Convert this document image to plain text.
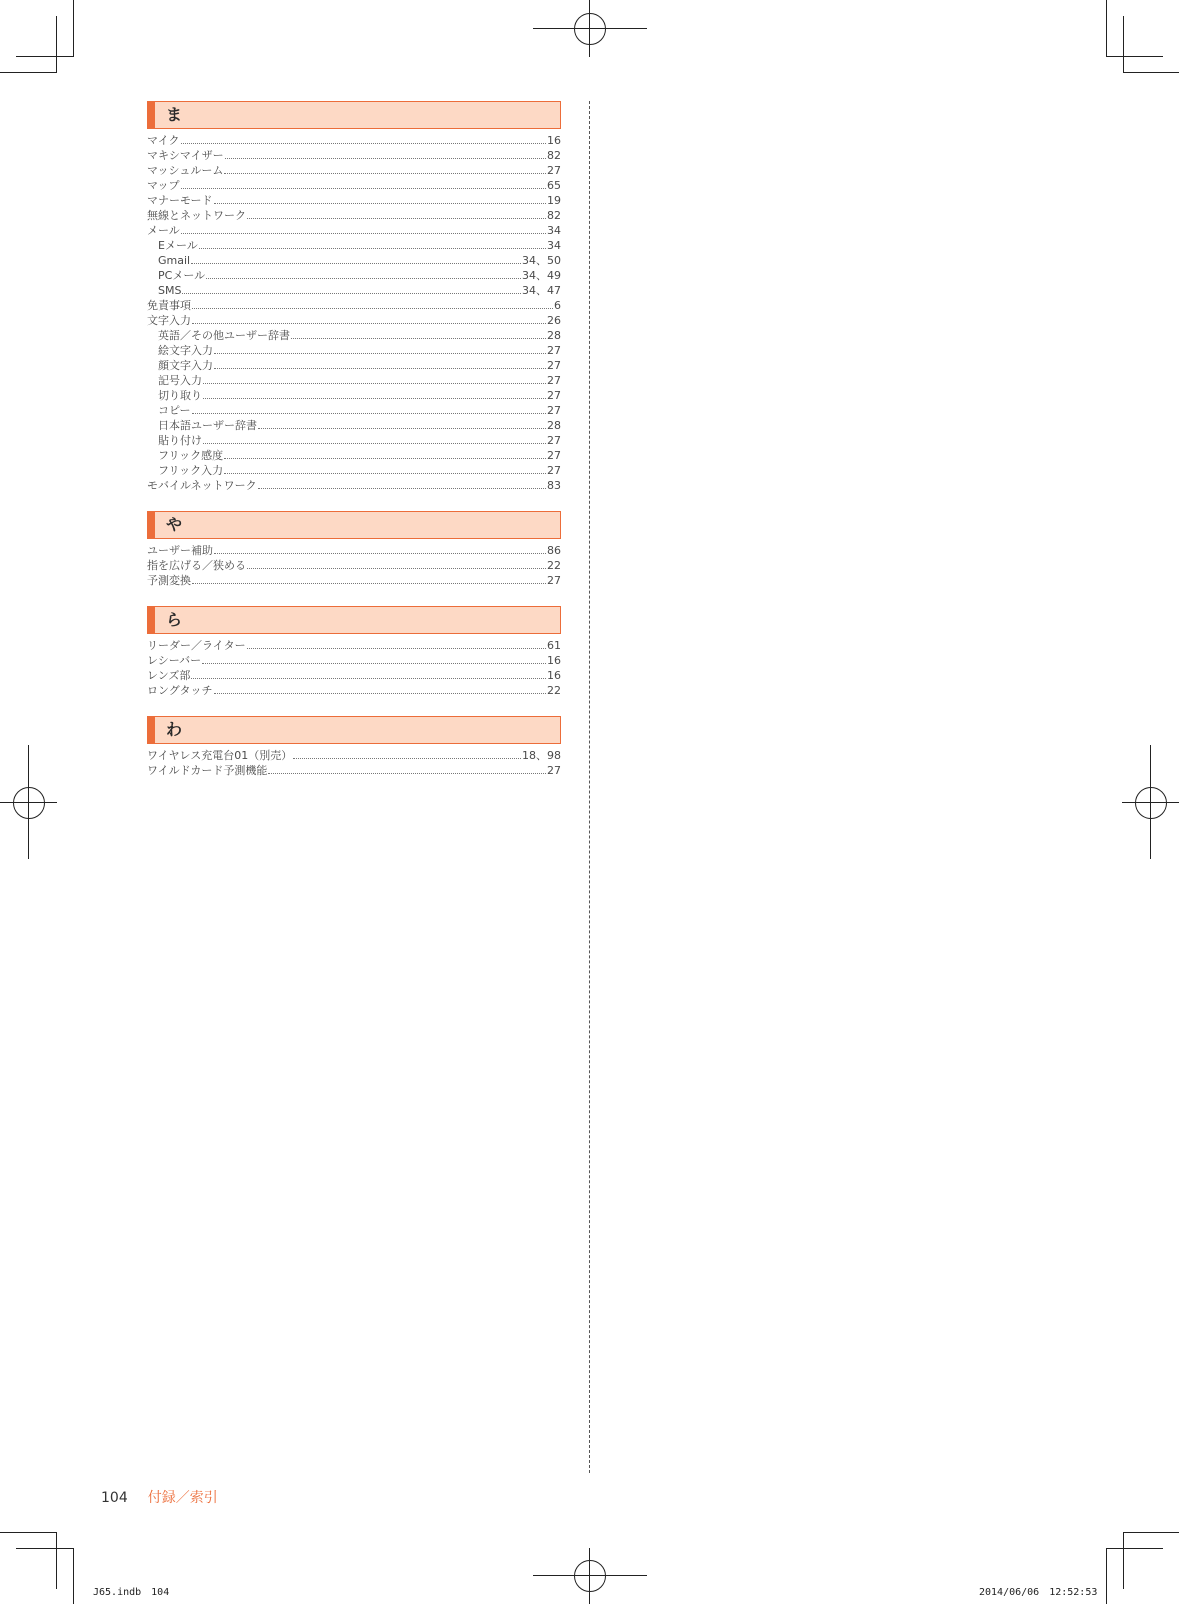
ま
マイク	16
マキシマイザー	82
マッシュルーム	27
マップ	65
マナーモード	19
無線とネットワーク	82
メール	34
Eメール	34
Gmail	34、50
PCメール	34、49
SMS	34、47
免責事項	6
文字入力	26
英語／その他ユーザー辞書	28
絵文字入力	27
顔文字入力	27
記号入力	27
切り取り	27
コピー	27
日本語ユーザー辞書	28
貼り付け	27
フリック感度	27
フリック入力	27
モバイルネットワーク	83
や
ユーザー補助	86
指を広げる／狭める	22
予測変換	27
ら
リーダー／ライター	61
レシーバー	16
レンズ部	16
ロングタッチ	22
わ
ワイヤレス充電台01（別売）	18、98
ワイルドカード予測機能	27
104 付録／索引
J65.indb　104	2014/06/06　12:52:53
